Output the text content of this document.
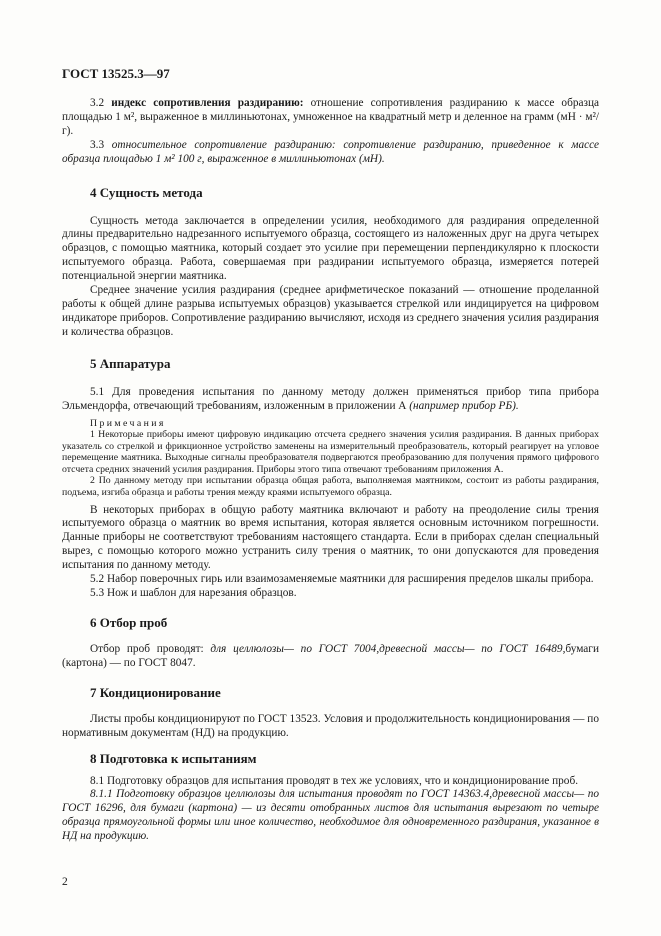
ГОСТ 13525.3—97

3.2 индекс сопротивления раздиранию: отношение сопротивления раздиранию к массе образца площадью 1 м², выраженное в миллиньютонах, умноженное на квадратный метр и деленное на грамм (мН · м²/г).

3.3 относительное сопротивление раздиранию: сопротивление раздиранию, приведенное к массе образца площадью 1 м² 100 г, выраженное в миллиньютонах (мН).

4 Сущность метода

Сущность метода заключается в определении усилия, необходимого для раздирания определенной длины предварительно надрезанного испытуемого образца, состоящего из наложенных друг на друга четырех образцов, с помощью маятника, который создает это усилие при перемещении перпендикулярно к плоскости испытуемого образца. Работа, совершаемая при раздирании испытуемого образца, измеряется потерей потенциальной энергии маятника.

Среднее значение усилия раздирания (среднее арифметическое показаний — отношение проделанной работы к общей длине разрыва испытуемых образцов) указывается стрелкой или индицируется на цифровом индикаторе приборов. Сопротивление раздиранию вычисляют, исходя из среднего значения усилия раздирания и количества образцов.

5 Аппаратура

5.1 Для проведения испытания по данному методу должен применяться прибор типа прибора Эльмендорфа, отвечающий требованиям, изложенным в приложении А (например прибор РБ).

Примечания

1 Некоторые приборы имеют цифровую индикацию отсчета среднего значения усилия раздирания. В данных приборах указатель со стрелкой и фрикционное устройство заменены на измерительный преобразователь, который реагирует на угловое перемещение маятника. Выходные сигналы преобразователя подвергаются преобразованию для получения прямого цифрового отсчета средних значений усилия раздирания. Приборы этого типа отвечают требованиям приложения А.

2 По данному методу при испытании образца общая работа, выполняемая маятником, состоит из работы раздирания, подъема, изгиба образца и работы трения между краями испытуемого образца.

В некоторых приборах в общую работу маятника включают и работу на преодоление силы трения испытуемого образца о маятник во время испытания, которая является основным источником погрешности. Данные приборы не соответствуют требованиям настоящего стандарта. Если в приборах сделан специальный вырез, с помощью которого можно устранить силу трения о маятник, то они допускаются для проведения испытания по данному методу.

5.2 Набор поверочных гирь или взаимозаменяемые маятники для расширения пределов шкалы прибора.

5.3 Нож и шаблон для нарезания образцов.

6 Отбор проб

Отбор проб проводят: для целлюлозы— по ГОСТ 7004,древесной массы— по ГОСТ 16489,бумаги (картона) — по ГОСТ 8047.

7 Кондиционирование

Листы пробы кондиционируют по ГОСТ 13523. Условия и продолжительность кондиционирования — по нормативным документам (НД) на продукцию.

8 Подготовка к испытаниям

8.1 Подготовку образцов для испытания проводят в тех же условиях, что и кондиционирование проб.

8.1.1 Подготовку образцов целлюлозы для испытания проводят по ГОСТ 14363.4,древесной массы— по ГОСТ 16296, для бумаги (картона) — из десяти отобранных листов для испытания вырезают по четыре образца прямоугольной формы или иное количество, необходимое для одновременного раздирания, указанное в НД на продукцию.

2
